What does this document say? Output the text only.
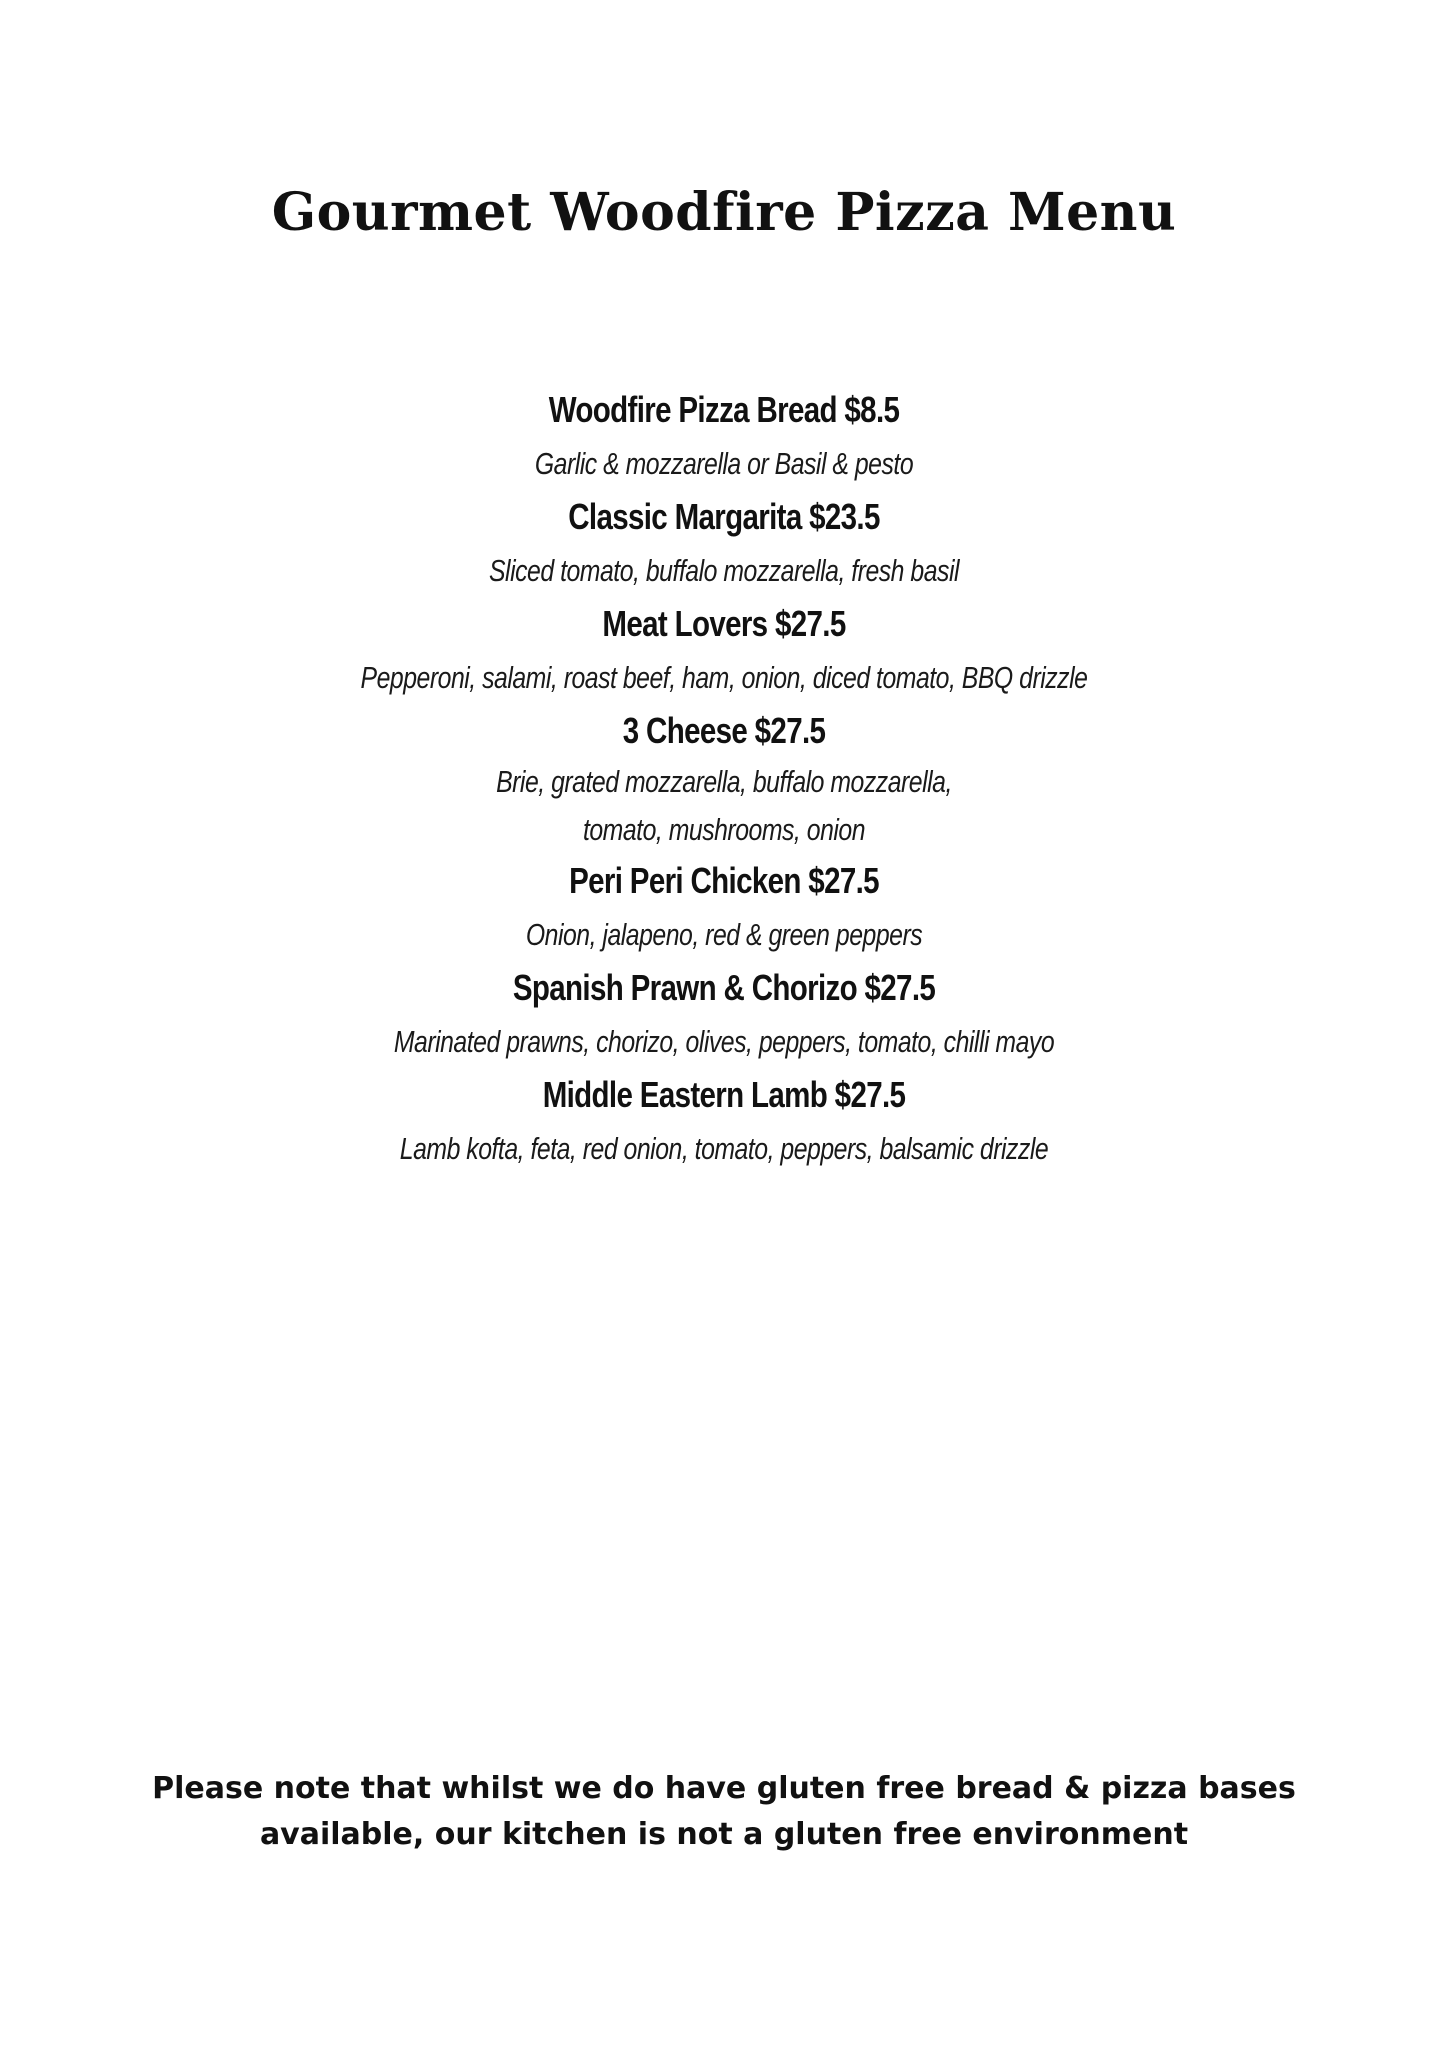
Gourmet Woodfire Pizza Menu
Woodfire Pizza Bread $8.5
Garlic & mozzarella or Basil & pesto
Classic Margarita $23.5
Sliced tomato, buffalo mozzarella, fresh basil
Meat Lovers $27.5
Pepperoni, salami, roast beef, ham, onion, diced tomato, BBQ drizzle
3 Cheese $27.5
Brie, grated mozzarella, buffalo mozzarella,
tomato, mushrooms, onion
Peri Peri Chicken $27.5
Onion, jalapeno, red & green peppers
Spanish Prawn & Chorizo $27.5
Marinated prawns, chorizo, olives, peppers, tomato, chilli mayo
Middle Eastern Lamb $27.5
Lamb kofta, feta, red onion, tomato, peppers, balsamic drizzle
Please note that whilst we do have gluten free bread & pizza bases
available, our kitchen is not a gluten free environment
